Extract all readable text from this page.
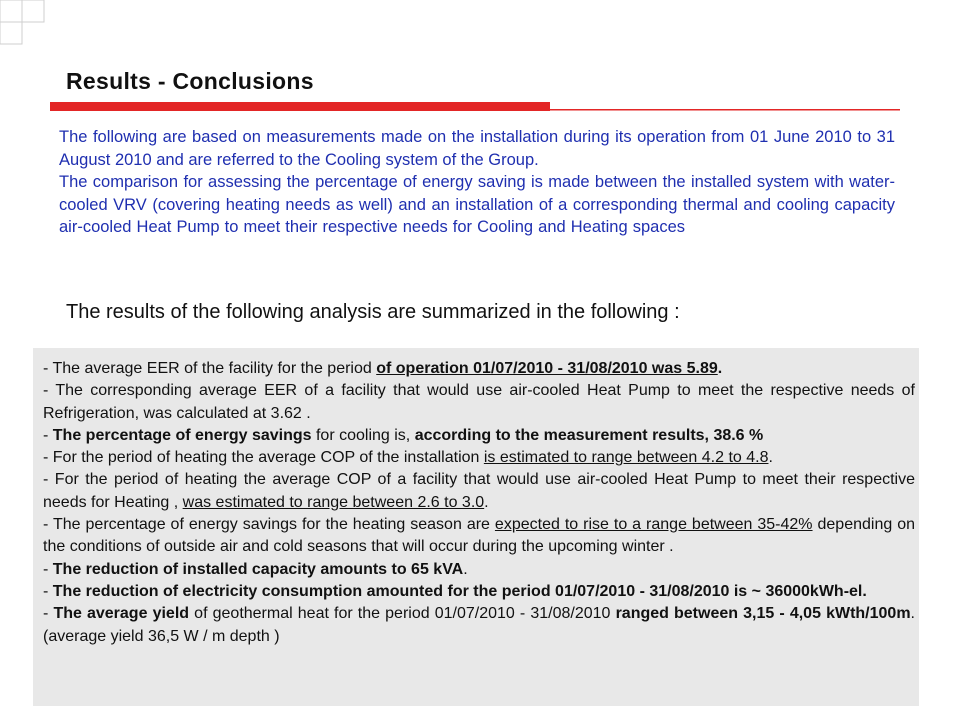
Results - Conclusions

The following are based on measurements made on the installation during its operation from 01 June 2010 to 31 August 2010 and are referred to the Cooling system of the Group.

The comparison for assessing the percentage of energy saving is made between the installed system with water-cooled VRV (covering heating needs as well) and an installation of a corresponding thermal and cooling capacity air-cooled Heat Pump to meet their respective needs for Cooling and Heating spaces

The results of the following analysis are summarized in the following :

- The average EER of the facility for the period of operation 01/07/2010 - 31/08/2010 was 5.89.

- The corresponding average EER of a facility that would use air-cooled Heat Pump to meet the respective needs of Refrigeration, was calculated at 3.62 .

- The percentage of energy savings for cooling is, according to the measurement results, 38.6 %

- For the period of heating the average COP of the installation is estimated to range between 4.2 to 4.8.

- For the period of heating the average COP of a facility that would use air-cooled Heat Pump to meet their respective needs for Heating , was estimated to range between 2.6 to 3.0.

- The percentage of energy savings for the heating season are expected to rise to a range between 35-42% depending on the conditions of outside air and cold seasons that will occur during the upcoming winter .

- The reduction of installed capacity amounts to 65 kVA.

- The reduction of electricity consumption amounted for the period 01/07/2010 - 31/08/2010 is ~ 36000kWh-el.

- The average yield of geothermal heat for the period 01/07/2010 - 31/08/2010 ranged between 3,15 - 4,05 kWth/100m. (average yield 36,5 W / m depth )
